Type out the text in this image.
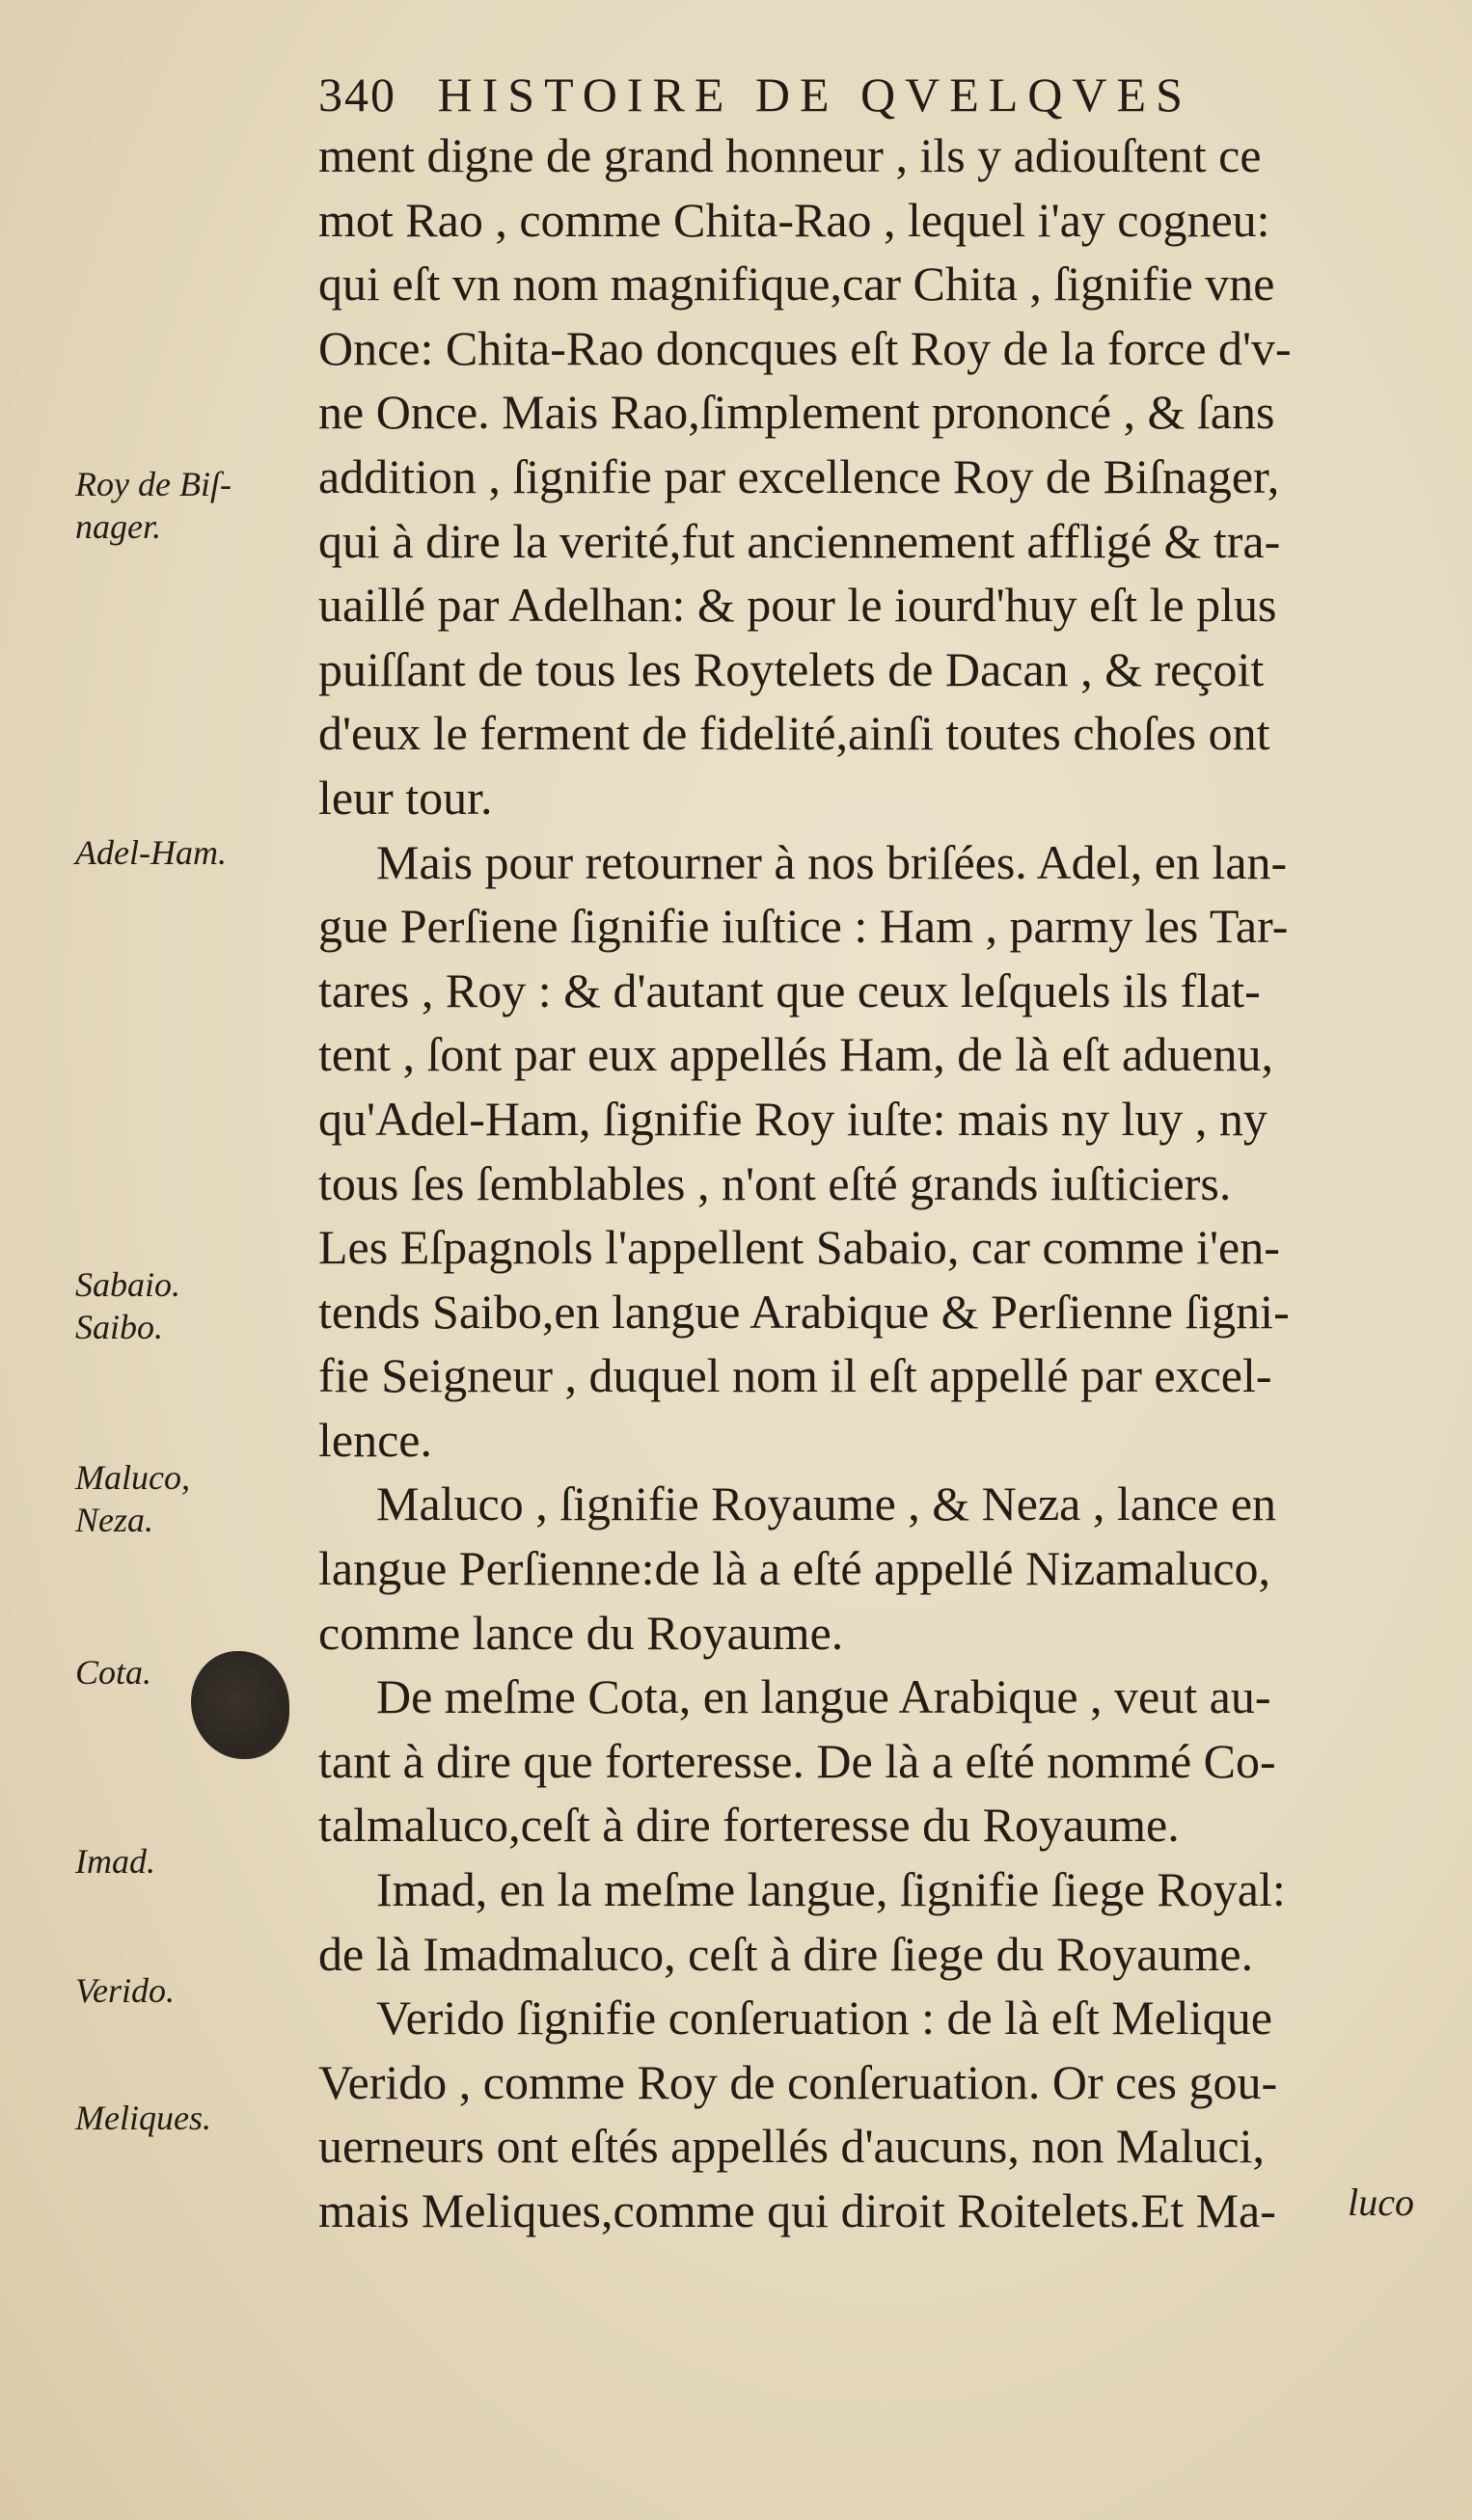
340 HISTOIRE DE QVELQVES
ment digne de grand honneur , ils y adiouſtent ce
mot Rao , comme Chita-Rao , lequel i'ay cogneu:
qui eſt vn nom magnifique,car Chita , ſignifie vne
Once: Chita-Rao doncques eſt Roy de la force d'v-
ne Once. Mais Rao,ſimplement prononcé , & ſans
addition , ſignifie par excellence Roy de Biſnager,
qui à dire la verité,fut anciennement affligé & tra-
uaillé par Adelhan: & pour le iourd'huy eſt le plus
puiſſant de tous les Roytelets de Dacan , & reçoit
d'eux le ferment de fidelité,ainſi toutes choſes ont
leur tour.
Mais pour retourner à nos briſées. Adel, en lan-
gue Perſiene ſignifie iuſtice : Ham , parmy les Tar-
tares , Roy : & d'autant que ceux leſquels ils flat-
tent , ſont par eux appellés Ham, de là eſt aduenu,
qu'Adel-Ham, ſignifie Roy iuſte: mais ny luy , ny
tous ſes ſemblables , n'ont eſté grands iuſticiers.
Les Eſpagnols l'appellent Sabaio, car comme i'en-
tends Saibo,en langue Arabique & Perſienne ſigni-
fie Seigneur , duquel nom il eſt appellé par excel-
lence.
Maluco , ſignifie Royaume , & Neza , lance en
langue Perſienne:de là a eſté appellé Nizamaluco,
comme lance du Royaume.
De meſme Cota, en langue Arabique , veut au-
tant à dire que forteresse. De là a eſté nommé Co-
talmaluco,ceſt à dire forteresse du Royaume.
Imad, en la meſme langue, ſignifie ſiege Royal:
de là Imadmaluco, ceſt à dire ſiege du Royaume.
Verido ſignifie conſeruation : de là eſt Melique
Verido , comme Roy de conſeruation. Or ces gou-
uerneurs ont eſtés appellés d'aucuns, non Maluci,
mais Meliques,comme qui diroit Roitelets.Et Ma-	luco
Roy de Biſ-
nager.
Adel-Ham.
Sabaio.
Saibo.
Maluco,
Neza.
Cota.
Imad.
Verido.
Meliques.
